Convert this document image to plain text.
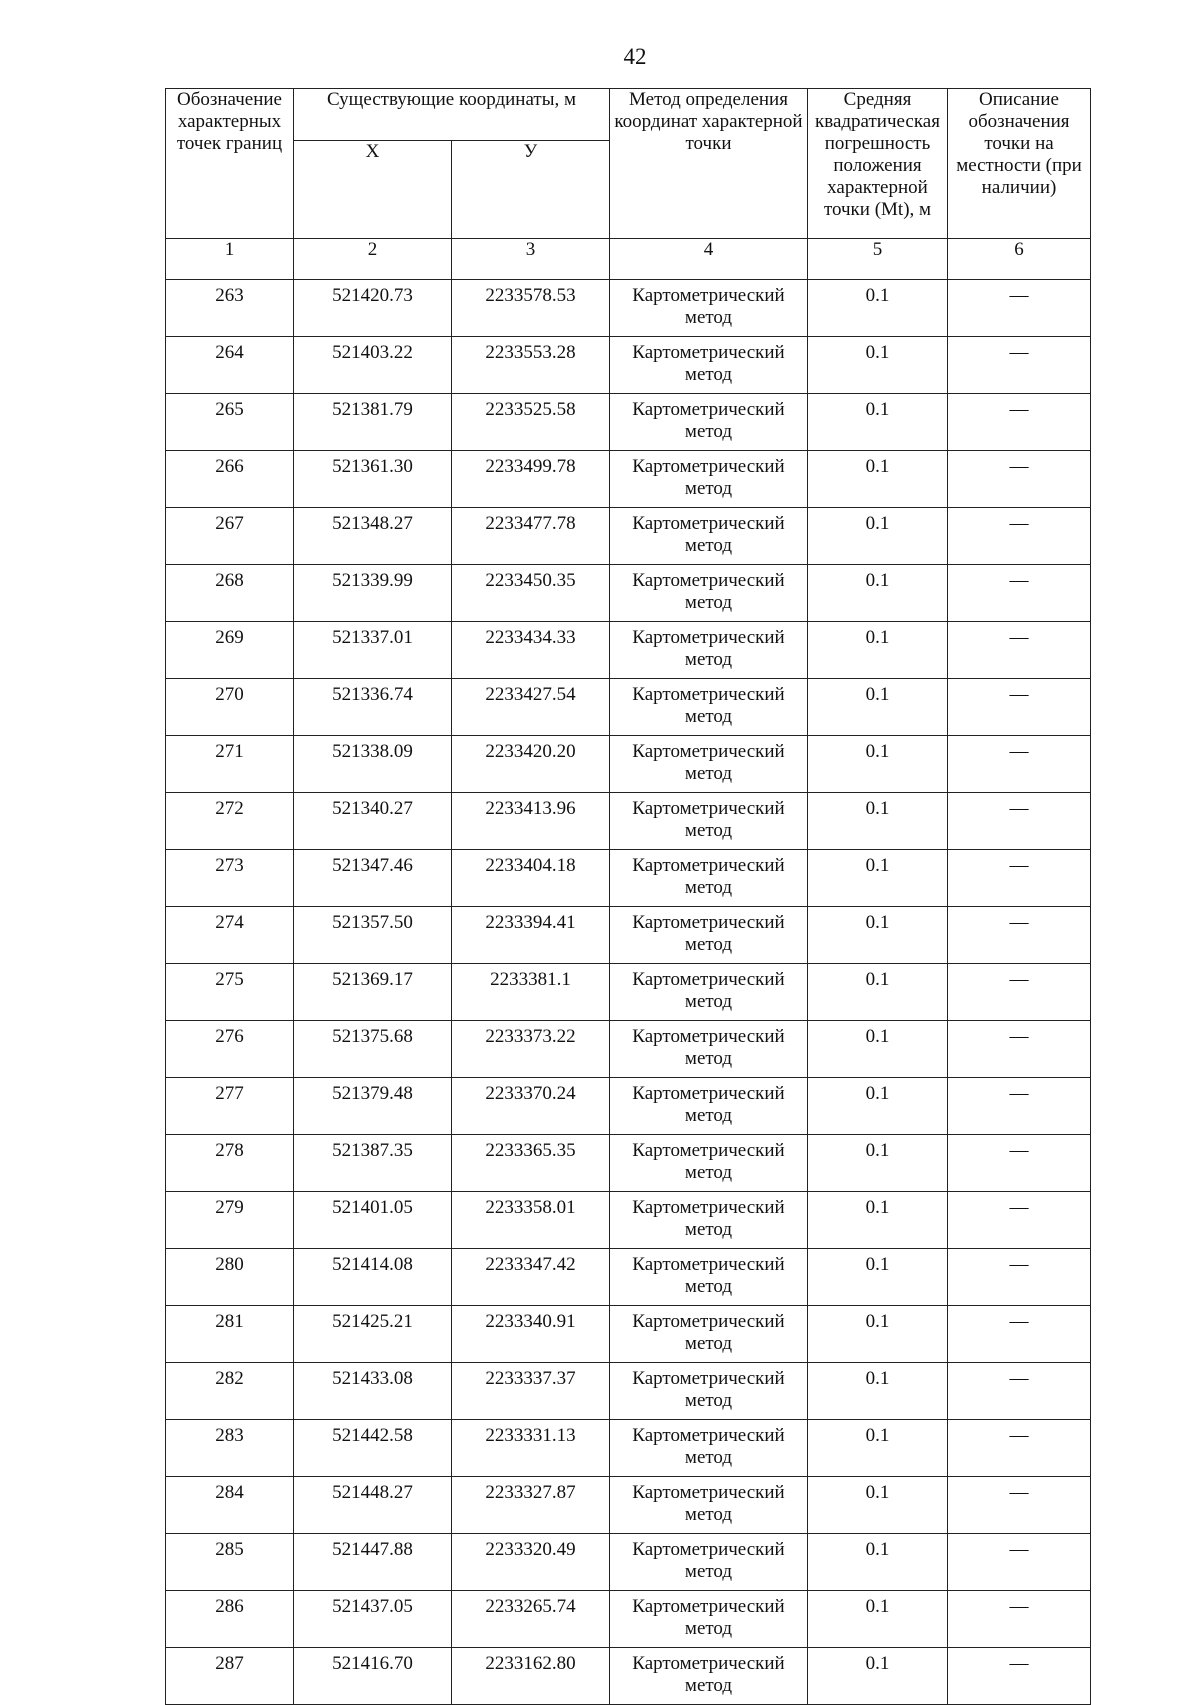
42
Обозначение характерных точек границ	Существующие координаты, м		Метод определения координат характерной точки	Средняя квадратическая погрешность положения характерной точки (Mt), м	Описание обозначения точки на местности (при наличии)
	X	У			
1	2	3	4	5	6
263	521420.73	2233578.53	Картометрический метод	0.1	—
264	521403.22	2233553.28	Картометрический метод	0.1	—
265	521381.79	2233525.58	Картометрический метод	0.1	—
266	521361.30	2233499.78	Картометрический метод	0.1	—
267	521348.27	2233477.78	Картометрический метод	0.1	—
268	521339.99	2233450.35	Картометрический метод	0.1	—
269	521337.01	2233434.33	Картометрический метод	0.1	—
270	521336.74	2233427.54	Картометрический метод	0.1	—
271	521338.09	2233420.20	Картометрический метод	0.1	—
272	521340.27	2233413.96	Картометрический метод	0.1	—
273	521347.46	2233404.18	Картометрический метод	0.1	—
274	521357.50	2233394.41	Картометрический метод	0.1	—
275	521369.17	2233381.1	Картометрический метод	0.1	—
276	521375.68	2233373.22	Картометрический метод	0.1	—
277	521379.48	2233370.24	Картометрический метод	0.1	—
278	521387.35	2233365.35	Картометрический метод	0.1	—
279	521401.05	2233358.01	Картометрический метод	0.1	—
280	521414.08	2233347.42	Картометрический метод	0.1	—
281	521425.21	2233340.91	Картометрический метод	0.1	—
282	521433.08	2233337.37	Картометрический метод	0.1	—
283	521442.58	2233331.13	Картометрический метод	0.1	—
284	521448.27	2233327.87	Картометрический метод	0.1	—
285	521447.88	2233320.49	Картометрический метод	0.1	—
286	521437.05	2233265.74	Картометрический метод	0.1	—
287	521416.70	2233162.80	Картометрический метод	0.1	—
